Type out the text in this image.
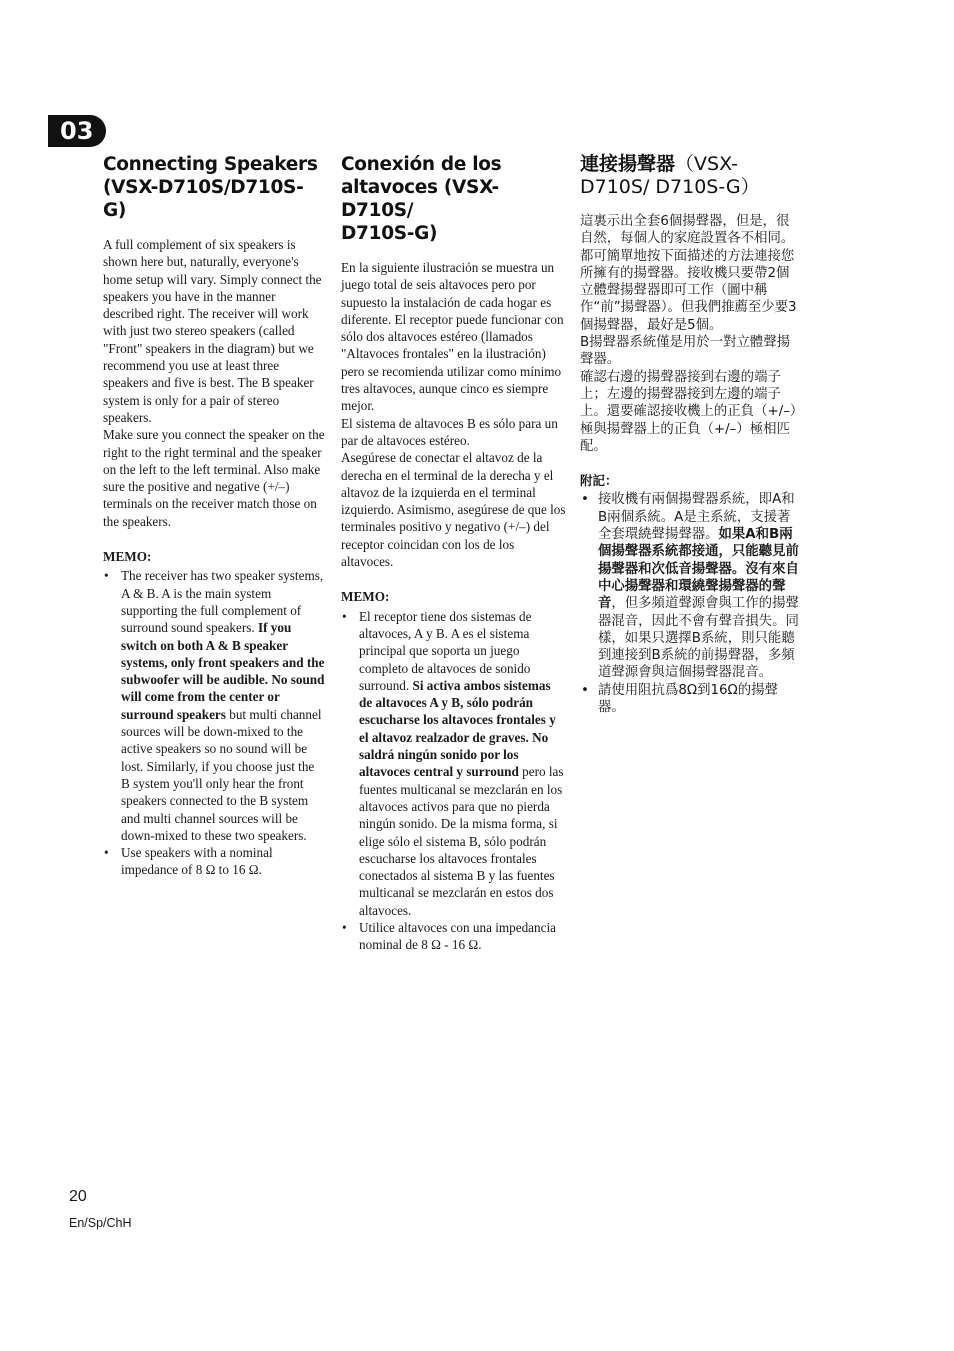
03
Connecting Speakers
(VSX-D710S/D710S-G)

A full complement of six speakers is shown here but, naturally, everyone's home setup will vary. Simply connect the speakers you have in the manner described right. The receiver will work with just two stereo speakers (called "Front" speakers in the diagram) but we recommend you use at least three speakers and five is best. The B speaker system is only for a pair of stereo speakers.

Make sure you connect the speaker on the right to the right terminal and the speaker on the left to the left terminal. Also make sure the positive and negative (+/–) terminals on the receiver match those on the speakers.

MEMO:
• The receiver has two speaker systems, A & B. A is the main system supporting the full complement of surround sound speakers. If you switch on both A & B speaker systems, only front speakers and the subwoofer will be audible. No sound will come from the center or surround speakers but multi channel sources will be down-mixed to the active speakers so no sound will be lost. Similarly, if you choose just the B system you'll only hear the front speakers connected to the B system and multi channel sources will be down-mixed to these two speakers.
• Use speakers with a nominal impedance of 8 Ω to 16 Ω.
Conexión de los
altavoces (VSX-D710S/
D710S-G)

En la siguiente ilustración se muestra un juego total de seis altavoces pero por supuesto la instalación de cada hogar es diferente. El receptor puede funcionar con sólo dos altavoces estéreo (llamados "Altavoces frontales" en la ilustración) pero se recomienda utilizar como mínimo tres altavoces, aunque cinco es siempre mejor.

El sistema de altavoces B es sólo para un par de altavoces estéreo.

Asegúrese de conectar el altavoz de la derecha en el terminal de la derecha y el altavoz de la izquierda en el terminal izquierdo. Asimismo, asegúrese de que los terminales positivo y negativo (+/–) del receptor coincidan con los de los altavoces.

MEMO:
• El receptor tiene dos sistemas de altavoces, A y B. A es el sistema principal que soporta un juego completo de altavoces de sonido surround. Si activa ambos sistemas de altavoces A y B, sólo podrán escucharse los altavoces frontales y el altavoz realzador de graves. No saldrá ningún sonido por los altavoces central y surround pero las fuentes multicanal se mezclarán en los altavoces activos para que no pierda ningún sonido. De la misma forma, si elige sólo el sistema B, sólo podrán escucharse los altavoces frontales conectados al sistema B y las fuentes multicanal se mezclarán en estos dos altavoces.
• Utilice altavoces con una impedancia nominal de 8 Ω - 16 Ω.
連接揚聲器（VSX-D710S/ D710S-G）

這裏示出全套6個揚聲器，但是，很自然，每個人的家庭設置各不相同。都可簡單地按下面描述的方法連接您所擁有的揚聲器。接收機只要帶2個立體聲揚聲器即可工作（圖中稱作“前”揚聲器）。但我們推薦至少要3個揚聲器，最好是5個。

B揚聲器系統僅是用於一對立體聲揚聲器。

確認右邊的揚聲器接到右邊的端子上；左邊的揚聲器接到左邊的端子上。還要確認接收機上的正負（+/–）極與揚聲器上的正負（+/–）極相匹配。

附記：
• 接收機有兩個揚聲器系統，即A和B兩個系統。A是主系統，支援著全套環繞聲揚聲器。如果A和B兩個揚聲器系統都接通，只能聽見前揚聲器和次低音揚聲器。沒有來自中心揚聲器和環繞聲揚聲器的聲音，但多頻道聲源會與工作的揚聲器混音，因此不會有聲音損失。同樣，如果只選擇B系統，則只能聽到連接到B系統的前揚聲器，多頻道聲源會與這個揚聲器混音。
• 請使用阻抗爲8Ω到16Ω的揚聲器。
20
En/Sp/ChH
